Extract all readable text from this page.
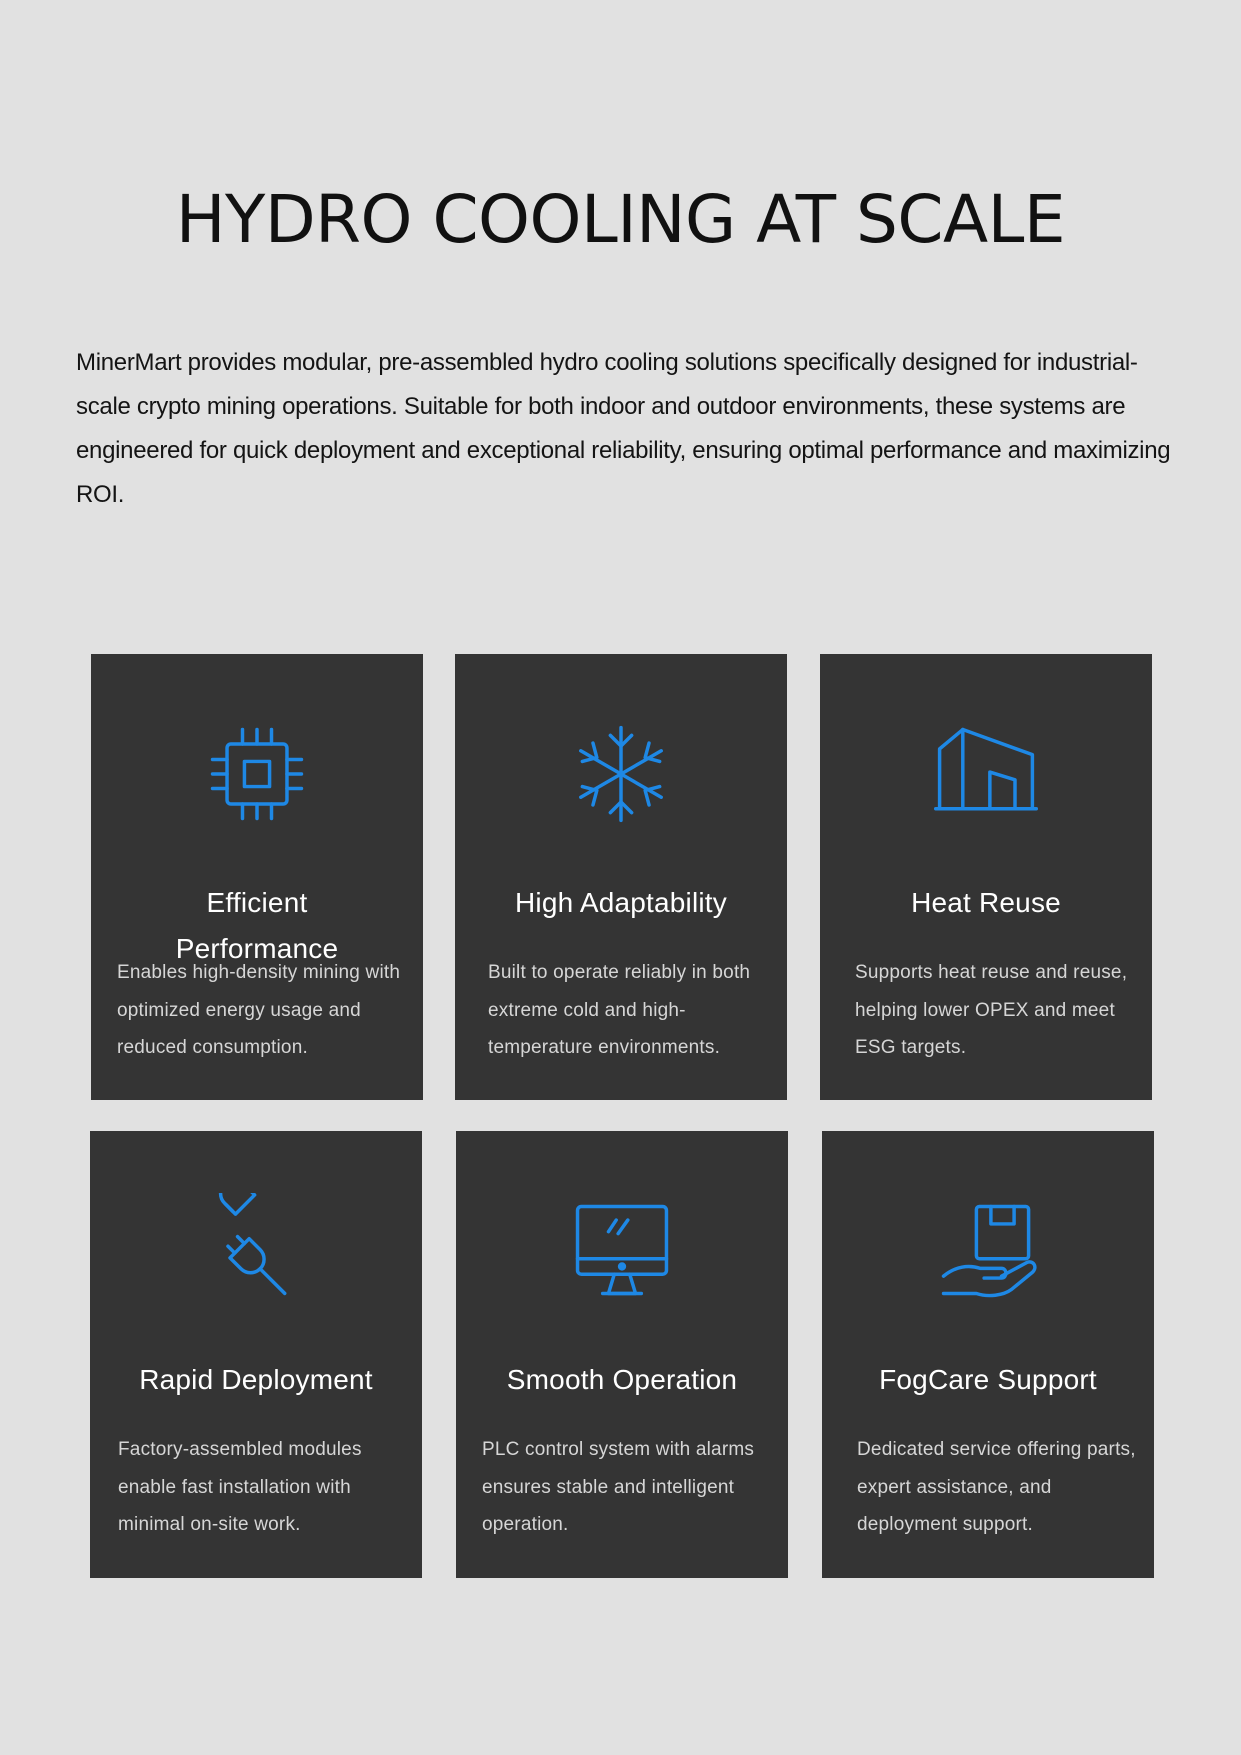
HYDRO COOLING AT SCALE
MinerMart provides modular, pre-assembled hydro cooling solutions specifically designed for industrial-scale crypto mining operations. Suitable for both indoor and outdoor environments, these systems are engineered for quick deployment and exceptional reliability, ensuring optimal performance and maximizing ROI.
Efficient Performance
Enables high-density mining with optimized energy usage and reduced consumption.
High Adaptability
Built to operate reliably in both extreme cold and high-temperature environments.
Heat Reuse
Supports heat reuse and reuse, helping lower OPEX and meet ESG targets.
Rapid Deployment
Factory-assembled modules enable fast installation with minimal on-site work.
Smooth Operation
PLC control system with alarms ensures stable and intelligent operation.
FogCare Support
Dedicated service offering parts, expert assistance, and deployment support.
